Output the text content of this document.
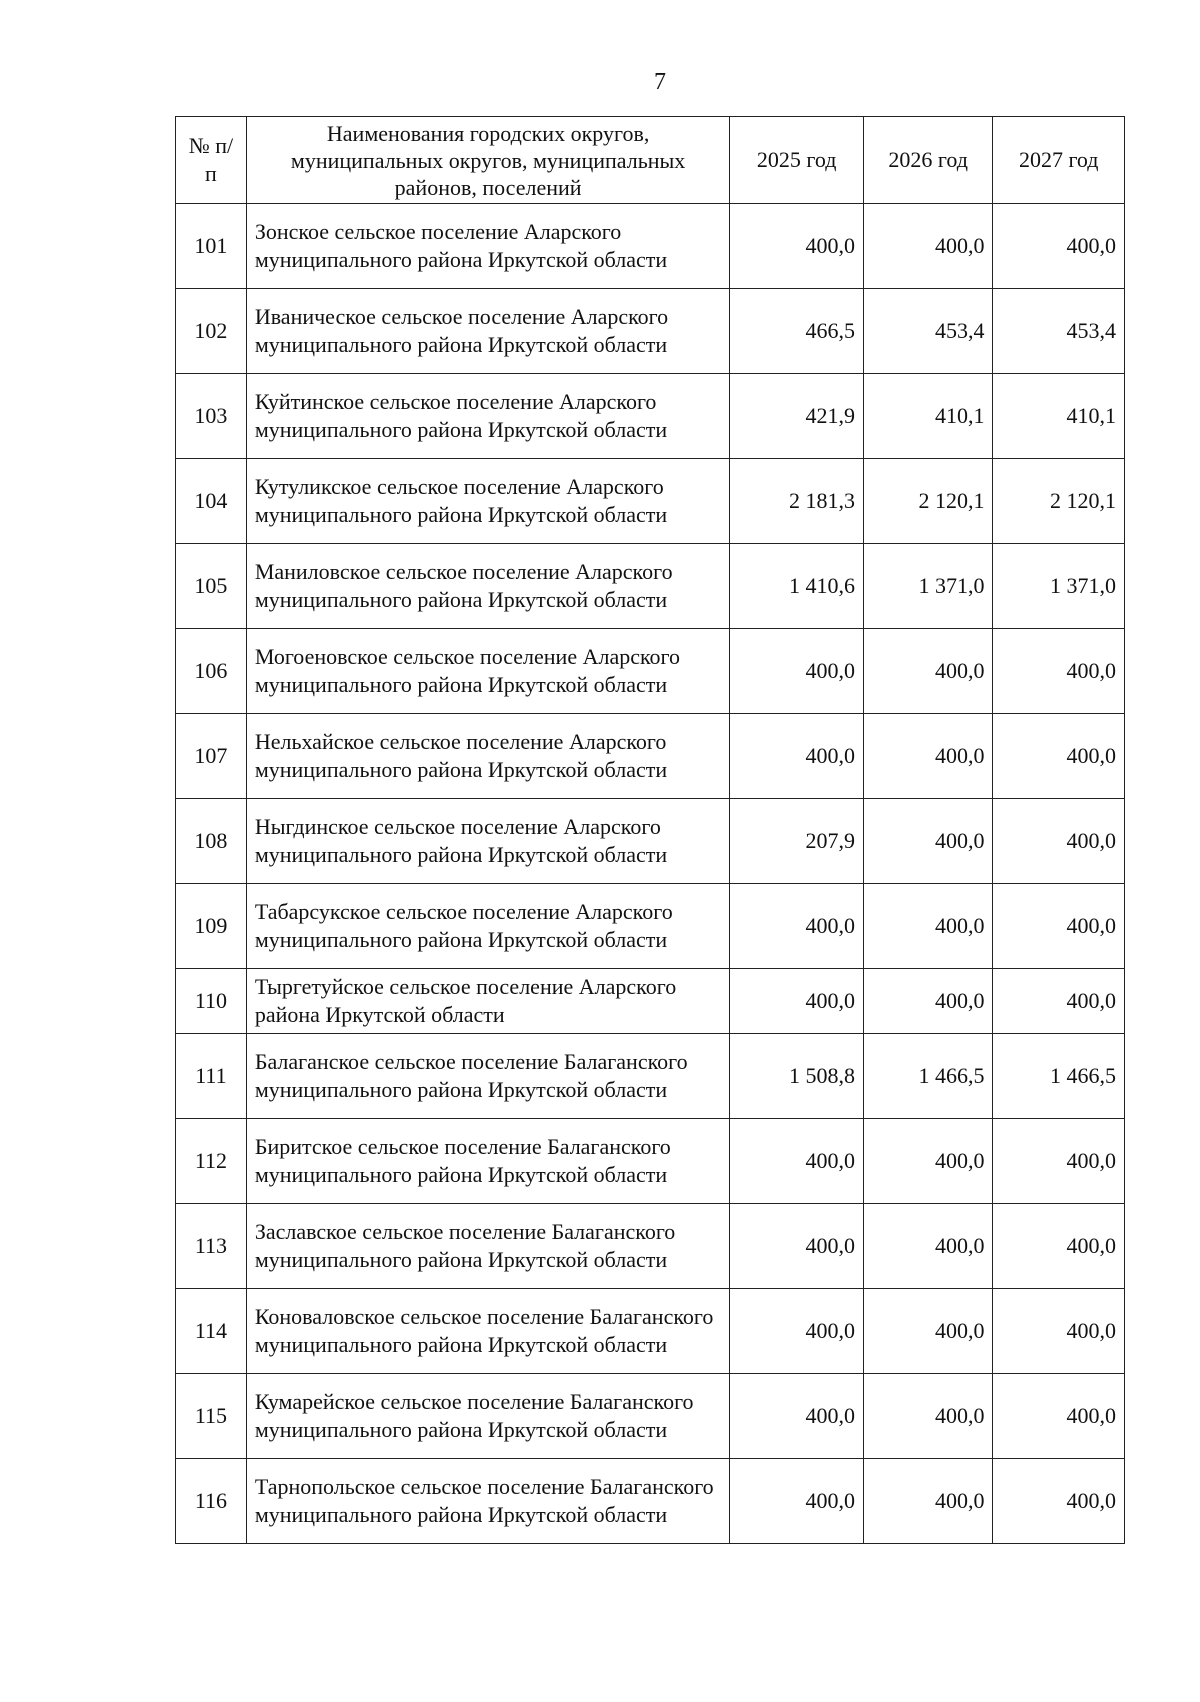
7
№ п/п	Наименования городских округов, муниципальных округов, муниципальных районов, поселений	2025 год	2026 год	2027 год
101	Зонское сельское поселение Аларского муниципального района Иркутской области	400,0	400,0	400,0
102	Иваническое сельское поселение Аларского муниципального района Иркутской области	466,5	453,4	453,4
103	Куйтинское сельское поселение Аларского муниципального района Иркутской области	421,9	410,1	410,1
104	Кутуликское сельское поселение Аларского муниципального района Иркутской области	2 181,3	2 120,1	2 120,1
105	Маниловское сельское поселение Аларского муниципального района Иркутской области	1 410,6	1 371,0	1 371,0
106	Могоеновское сельское поселение Аларского муниципального района Иркутской области	400,0	400,0	400,0
107	Нельхайское сельское поселение Аларского муниципального района Иркутской области	400,0	400,0	400,0
108	Ныгдинское сельское поселение Аларского муниципального района Иркутской области	207,9	400,0	400,0
109	Табарсукское сельское поселение Аларского муниципального района Иркутской области	400,0	400,0	400,0
110	Тыргетуйское сельское поселение Аларского района Иркутской области	400,0	400,0	400,0
111	Балаганское сельское поселение Балаганского муниципального района Иркутской области	1 508,8	1 466,5	1 466,5
112	Биритское сельское поселение Балаганского муниципального района Иркутской области	400,0	400,0	400,0
113	Заславское сельское поселение Балаганского муниципального района Иркутской области	400,0	400,0	400,0
114	Коноваловское сельское поселение Балаганского муниципального района Иркутской области	400,0	400,0	400,0
115	Кумарейское сельское поселение Балаганского муниципального района Иркутской области	400,0	400,0	400,0
116	Тарнопольское сельское поселение Балаганского муниципального района Иркутской области	400,0	400,0	400,0
